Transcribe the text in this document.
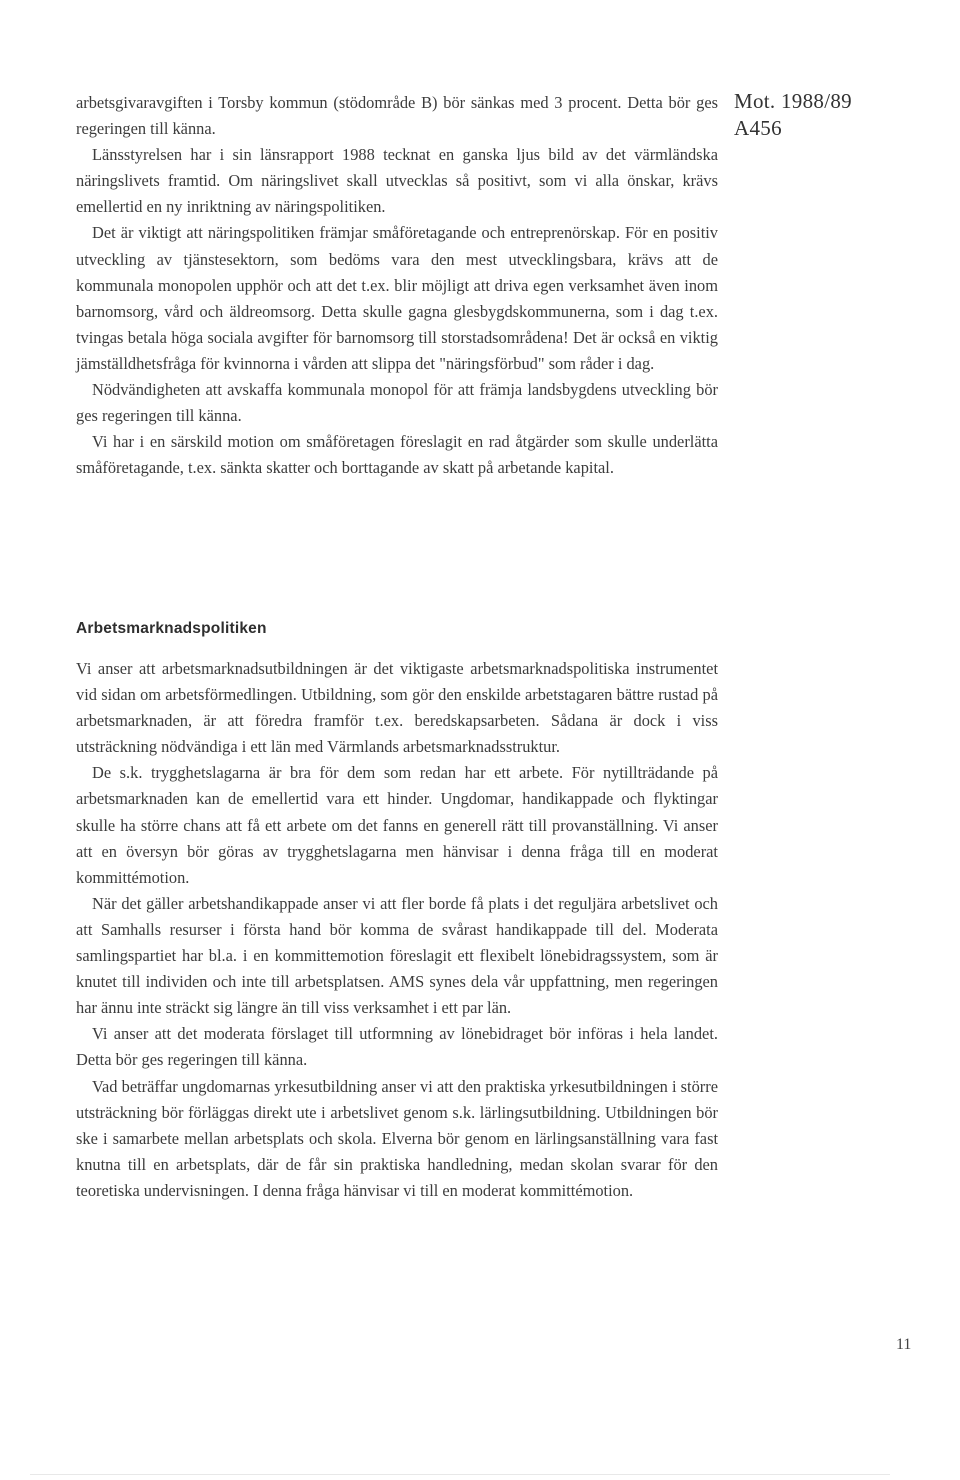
Mot. 1988/89
A456

arbetsgivaravgiften i Torsby kommun (stödområde B) bör sänkas med 3 procent. Detta bör ges regeringen till känna.

Länsstyrelsen har i sin länsrapport 1988 tecknat en ganska ljus bild av det värmländska näringslivets framtid. Om näringslivet skall utvecklas så positivt, som vi alla önskar, krävs emellertid en ny inriktning av näringspolitiken.

Det är viktigt att näringspolitiken främjar småföretagande och entreprenörskap. För en positiv utveckling av tjänstesektorn, som bedöms vara den mest utvecklingsbara, krävs att de kommunala monopolen upphör och att det t.ex. blir möjligt att driva egen verksamhet även inom barnomsorg, vård och äldreomsorg. Detta skulle gagna glesbygdskommunerna, som i dag t.ex. tvingas betala höga sociala avgifter för barnomsorg till storstadsområdena! Det är också en viktig jämställdhetsfråga för kvinnorna i vården att slippa det "näringsförbud" som råder i dag.

Nödvändigheten att avskaffa kommunala monopol för att främja landsbygdens utveckling bör ges regeringen till känna.

Vi har i en särskild motion om småföretagen föreslagit en rad åtgärder som skulle underlätta småföretagande, t.ex. sänkta skatter och borttagande av skatt på arbetande kapital.

Arbetsmarknadspolitiken

Vi anser att arbetsmarknadsutbildningen är det viktigaste arbetsmarknadspolitiska instrumentet vid sidan om arbetsförmedlingen. Utbildning, som gör den enskilde arbetstagaren bättre rustad på arbetsmarknaden, är att föredra framför t.ex. beredskapsarbeten. Sådana är dock i viss utsträckning nödvändiga i ett län med Värmlands arbetsmarknadsstruktur.

De s.k. trygghetslagarna är bra för dem som redan har ett arbete. För nytillträdande på arbetsmarknaden kan de emellertid vara ett hinder. Ungdomar, handikappade och flyktingar skulle ha större chans att få ett arbete om det fanns en generell rätt till provanställning. Vi anser att en översyn bör göras av trygghetslagarna men hänvisar i denna fråga till en moderat kommittémotion.

När det gäller arbetshandikappade anser vi att fler borde få plats i det reguljära arbetslivet och att Samhalls resurser i första hand bör komma de svårast handikappade till del. Moderata samlingspartiet har bl.a. i en kommittemotion föreslagit ett flexibelt lönebidragssystem, som är knutet till individen och inte till arbetsplatsen. AMS synes dela vår uppfattning, men regeringen har ännu inte sträckt sig längre än till viss verksamhet i ett par län.

Vi anser att det moderata förslaget till utformning av lönebidraget bör införas i hela landet. Detta bör ges regeringen till känna.

Vad beträffar ungdomarnas yrkesutbildning anser vi att den praktiska yrkesutbildningen i större utsträckning bör förläggas direkt ute i arbetslivet genom s.k. lärlingsutbildning. Utbildningen bör ske i samarbete mellan arbetsplats och skola. Elverna bör genom en lärlingsanställning vara fast knutna till en arbetsplats, där de får sin praktiska handledning, medan skolan svarar för den teoretiska undervisningen. I denna fråga hänvisar vi till en moderat kommittémotion.

11
